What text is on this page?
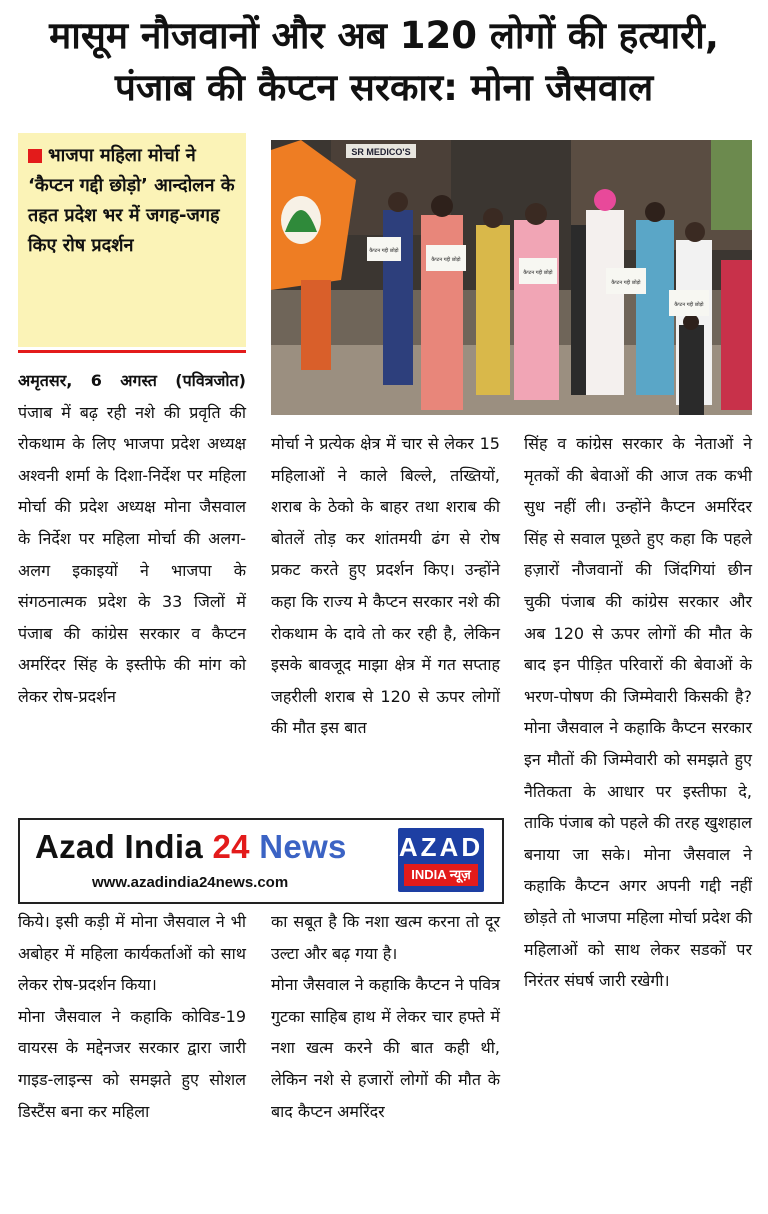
मासूम नौजवानों और अब 120 लोगों की हत्यारी,
पंजाब की कैप्टन सरकार: मोना जैसवाल
भाजपा महिला मोर्चा ने ‘कैप्टन गद्दी छोड़ो’ आन्दोलन के तहत प्रदेश भर में जगह-जगह किए रोष प्रदर्शन
SR MEDICO'S
कैप्टन गद्दी छोड़ो
कैप्टन गद्दी छोड़ो
कैप्टन गद्दी छोड़ो
कैप्टन गद्दी छोड़ो
कैप्टन गद्दी छोड़ो

अमृतसर, 6 अगस्त (पवित्रजोत) पंजाब में बढ़ रही नशे की प्रवृति की रोकथाम के लिए भाजपा प्रदेश अध्यक्ष अश्वनी शर्मा के दिशा-निर्देश पर महिला मोर्चा की प्रदेश अध्यक्ष मोना जैसवाल के निर्देश पर महिला मोर्चा की अलग-अलग इकाइयों ने भाजपा के संगठनात्मक प्रदेश के 33 जिलों में पंजाब की कांग्रेस सरकार व कैप्टन अमरिंदर सिंह के इस्तीफे की मांग को लेकर रोष-प्रदर्शन

मोर्चा ने प्रत्येक क्षेत्र में चार से लेकर 15 महिलाओं ने काले बिल्ले, तख्तियों, शराब के ठेको के बाहर तथा शराब की बोतलें तोड़ कर शांतमयी ढंग से रोष प्रकट करते हुए प्रदर्शन किए। उन्होंने कहा कि राज्य मे कैप्टन सरकार नशे की रोकथाम के दावे तो कर रही है, लेकिन इसके बावजूद माझा क्षेत्र में गत सप्ताह जहरीली शराब से 120 से ऊपर लोगों की मौत इस बात

Azad India 24 News
www.azadindia24news.com
AZAD
INDIA न्यूज़

किये। इसी कड़ी में मोना जैसवाल ने भी अबोहर में महिला कार्यकर्ताओं को साथ लेकर रोष-प्रदर्शन किया।

मोना जैसवाल ने कहाकि कोविड-19 वायरस के मद्देनजर सरकार द्वारा जारी गाइड-लाइन्स को समझते हुए सोशल डिस्टैंस बना कर महिला

का सबूत है कि नशा खत्म करना तो दूर उल्टा और बढ़ गया है।

मोना जैसवाल ने कहाकि कैप्टन ने पवित्र गुटका साहिब हाथ में लेकर चार हफ्ते में नशा खत्म करने की बात कही थी, लेकिन नशे से हजारों लोगों की मौत के बाद कैप्टन अमरिंदर

सिंह व कांग्रेस सरकार के नेताओं ने मृतकों की बेवाओं की आज तक कभी सुध नहीं ली। उन्होंने कैप्टन अमरिंदर सिंह से सवाल पूछते हुए कहा कि पहले हज़ारों नौजवानों की जिंदगियां छीन चुकी पंजाब की कांग्रेस सरकार और अब 120 से ऊपर लोगों की मौत के बाद इन पीड़ित परिवारों की बेवाओं के भरण-पोषण की जिम्मेवारी किसकी है? मोना जैसवाल ने कहाकि कैप्टन सरकार इन मौतों की जिम्मेवारी को समझते हुए नैतिकता के आधार पर इस्तीफा दे, ताकि पंजाब को पहले की तरह खुशहाल बनाया जा सके। मोना जैसवाल ने कहाकि कैप्टन अगर अपनी गद्दी नहीं छोड़ते तो भाजपा महिला मोर्चा प्रदेश की महिलाओं को साथ लेकर सडकों पर निरंतर संघर्ष जारी रखेगी।
